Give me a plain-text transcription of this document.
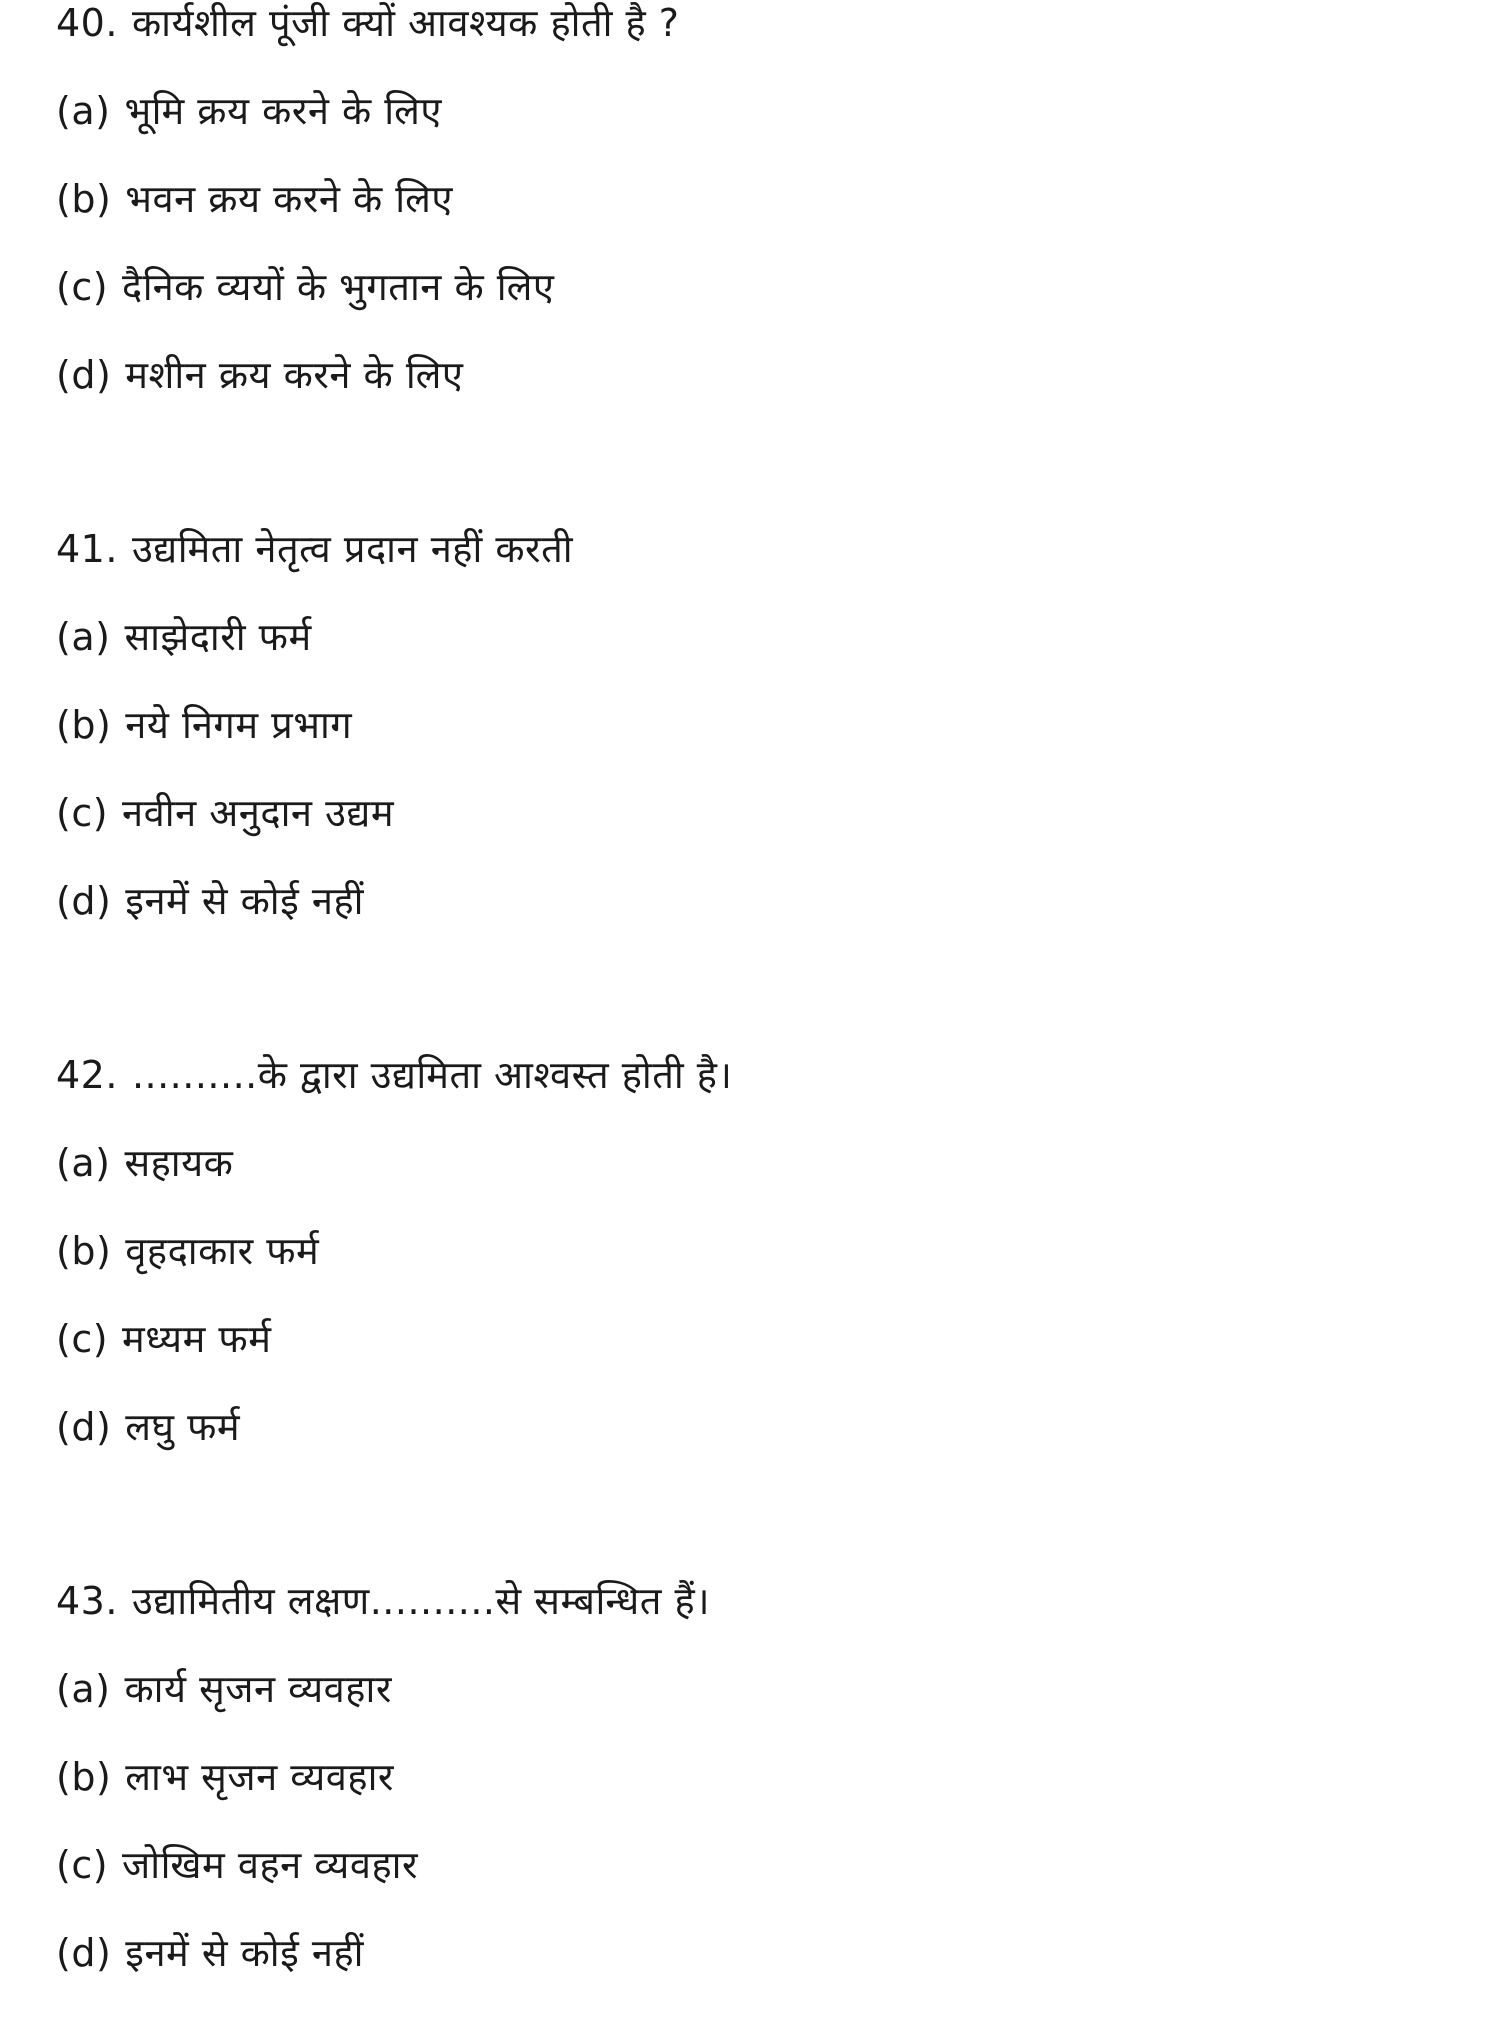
40. कार्यशील पूंजी क्यों आवश्यक होती है ?
(a) भूमि क्रय करने के लिए
(b) भवन क्रय करने के लिए
(c) दैनिक व्ययों के भुगतान के लिए
(d) मशीन क्रय करने के लिए
41. उद्यमिता नेतृत्व प्रदान नहीं करती
(a) साझेदारी फर्म
(b) नये निगम प्रभाग
(c) नवीन अनुदान उद्यम
(d) इनमें से कोई नहीं
42. ..........के द्वारा उद्यमिता आश्वस्त होती है।
(a) सहायक
(b) वृहदाकार फर्म
(c) मध्यम फर्म
(d) लघु फर्म
43. उद्यामितीय लक्षण..........से सम्बन्धित हैं।
(a) कार्य सृजन व्यवहार
(b) लाभ सृजन व्यवहार
(c) जोखिम वहन व्यवहार
(d) इनमें से कोई नहीं
